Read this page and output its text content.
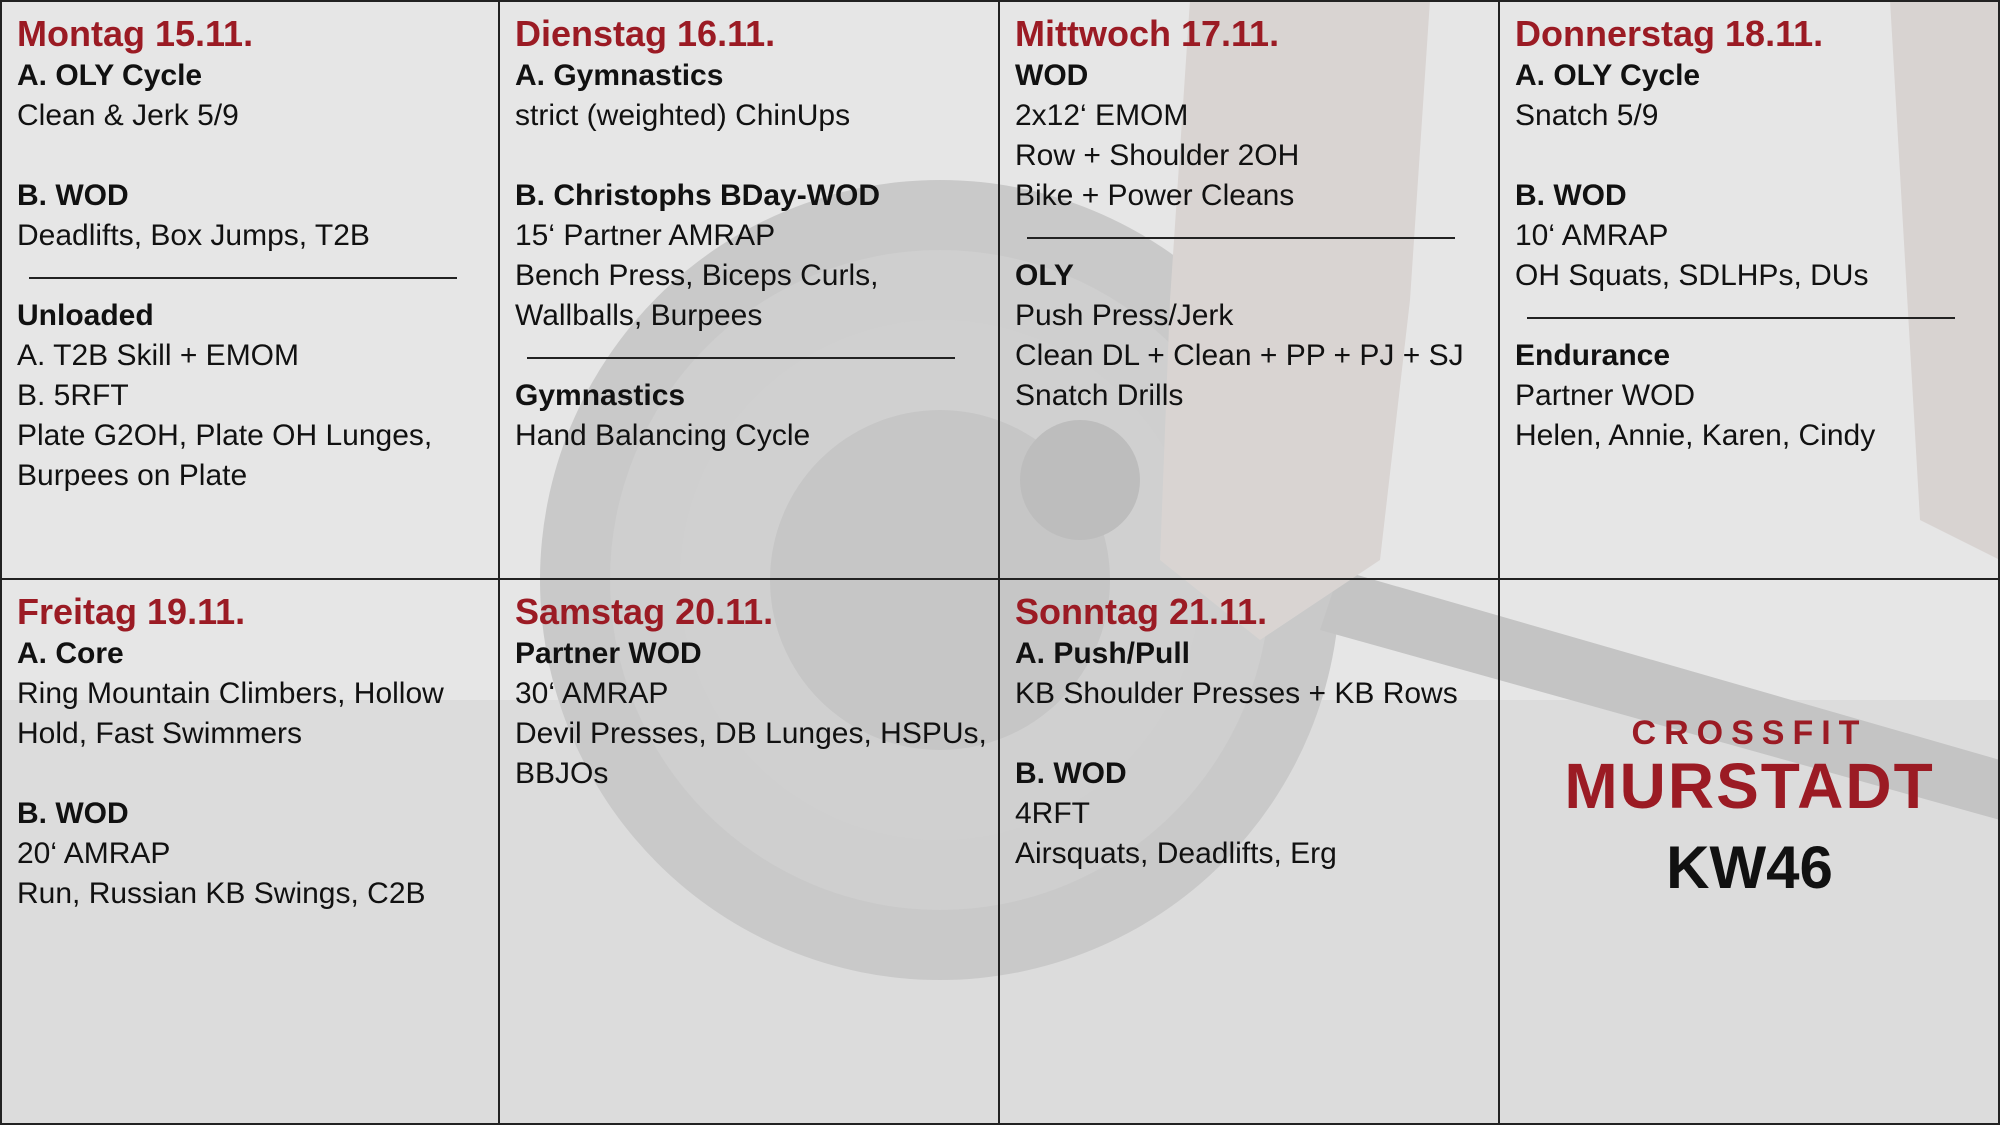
Montag 15.11.
A. OLY Cycle
Clean & Jerk 5/9
B. WOD
Deadlifts, Box Jumps, T2B
Unloaded
A. T2B Skill + EMOM
B. 5RFT
Plate G2OH, Plate OH Lunges,
Burpees on Plate
Dienstag 16.11.
A. Gymnastics
strict (weighted) ChinUps
B. Christophs BDay-WOD
15‘ Partner AMRAP
Bench Press, Biceps Curls,
Wallballs, Burpees
Gymnastics
Hand Balancing Cycle
Mittwoch 17.11.
WOD
2x12‘ EMOM
Row + Shoulder 2OH
Bike + Power Cleans
OLY
Push Press/Jerk
Clean DL + Clean + PP + PJ + SJ
Snatch Drills
Donnerstag 18.11.
A. OLY Cycle
Snatch 5/9
B. WOD
10‘ AMRAP
OH Squats, SDLHPs, DUs
Endurance
Partner WOD
Helen, Annie, Karen, Cindy
Freitag 19.11.
A. Core
Ring Mountain Climbers, Hollow
Hold, Fast Swimmers
B. WOD
20‘ AMRAP
Run, Russian KB Swings, C2B
Samstag 20.11.
Partner WOD
30‘ AMRAP
Devil Presses, DB Lunges, HSPUs,
BBJOs
Sonntag 21.11.
A. Push/Pull
KB Shoulder Presses + KB Rows
B. WOD
4RFT
Airsquats, Deadlifts, Erg
CROSSFIT
MURSTADT
KW46
